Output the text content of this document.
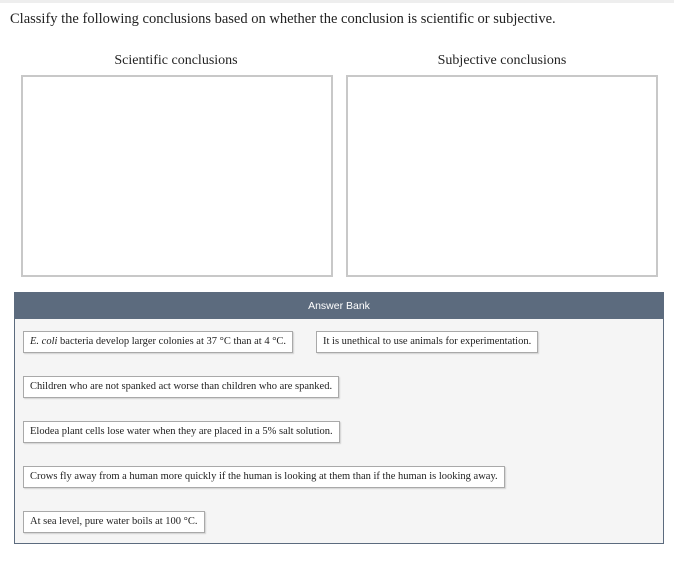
Classify the following conclusions based on whether the conclusion is scientific or subjective.
Scientific conclusions	Subjective conclusions
Answer Bank
E. coli bacteria develop larger colonies at 37 °C than at 4 °C.	It is unethical to use animals for experimentation.
Children who are not spanked act worse than children who are spanked.
Elodea plant cells lose water when they are placed in a 5% salt solution.
Crows fly away from a human more quickly if the human is looking at them than if the human is looking away.
At sea level, pure water boils at 100 °C.
